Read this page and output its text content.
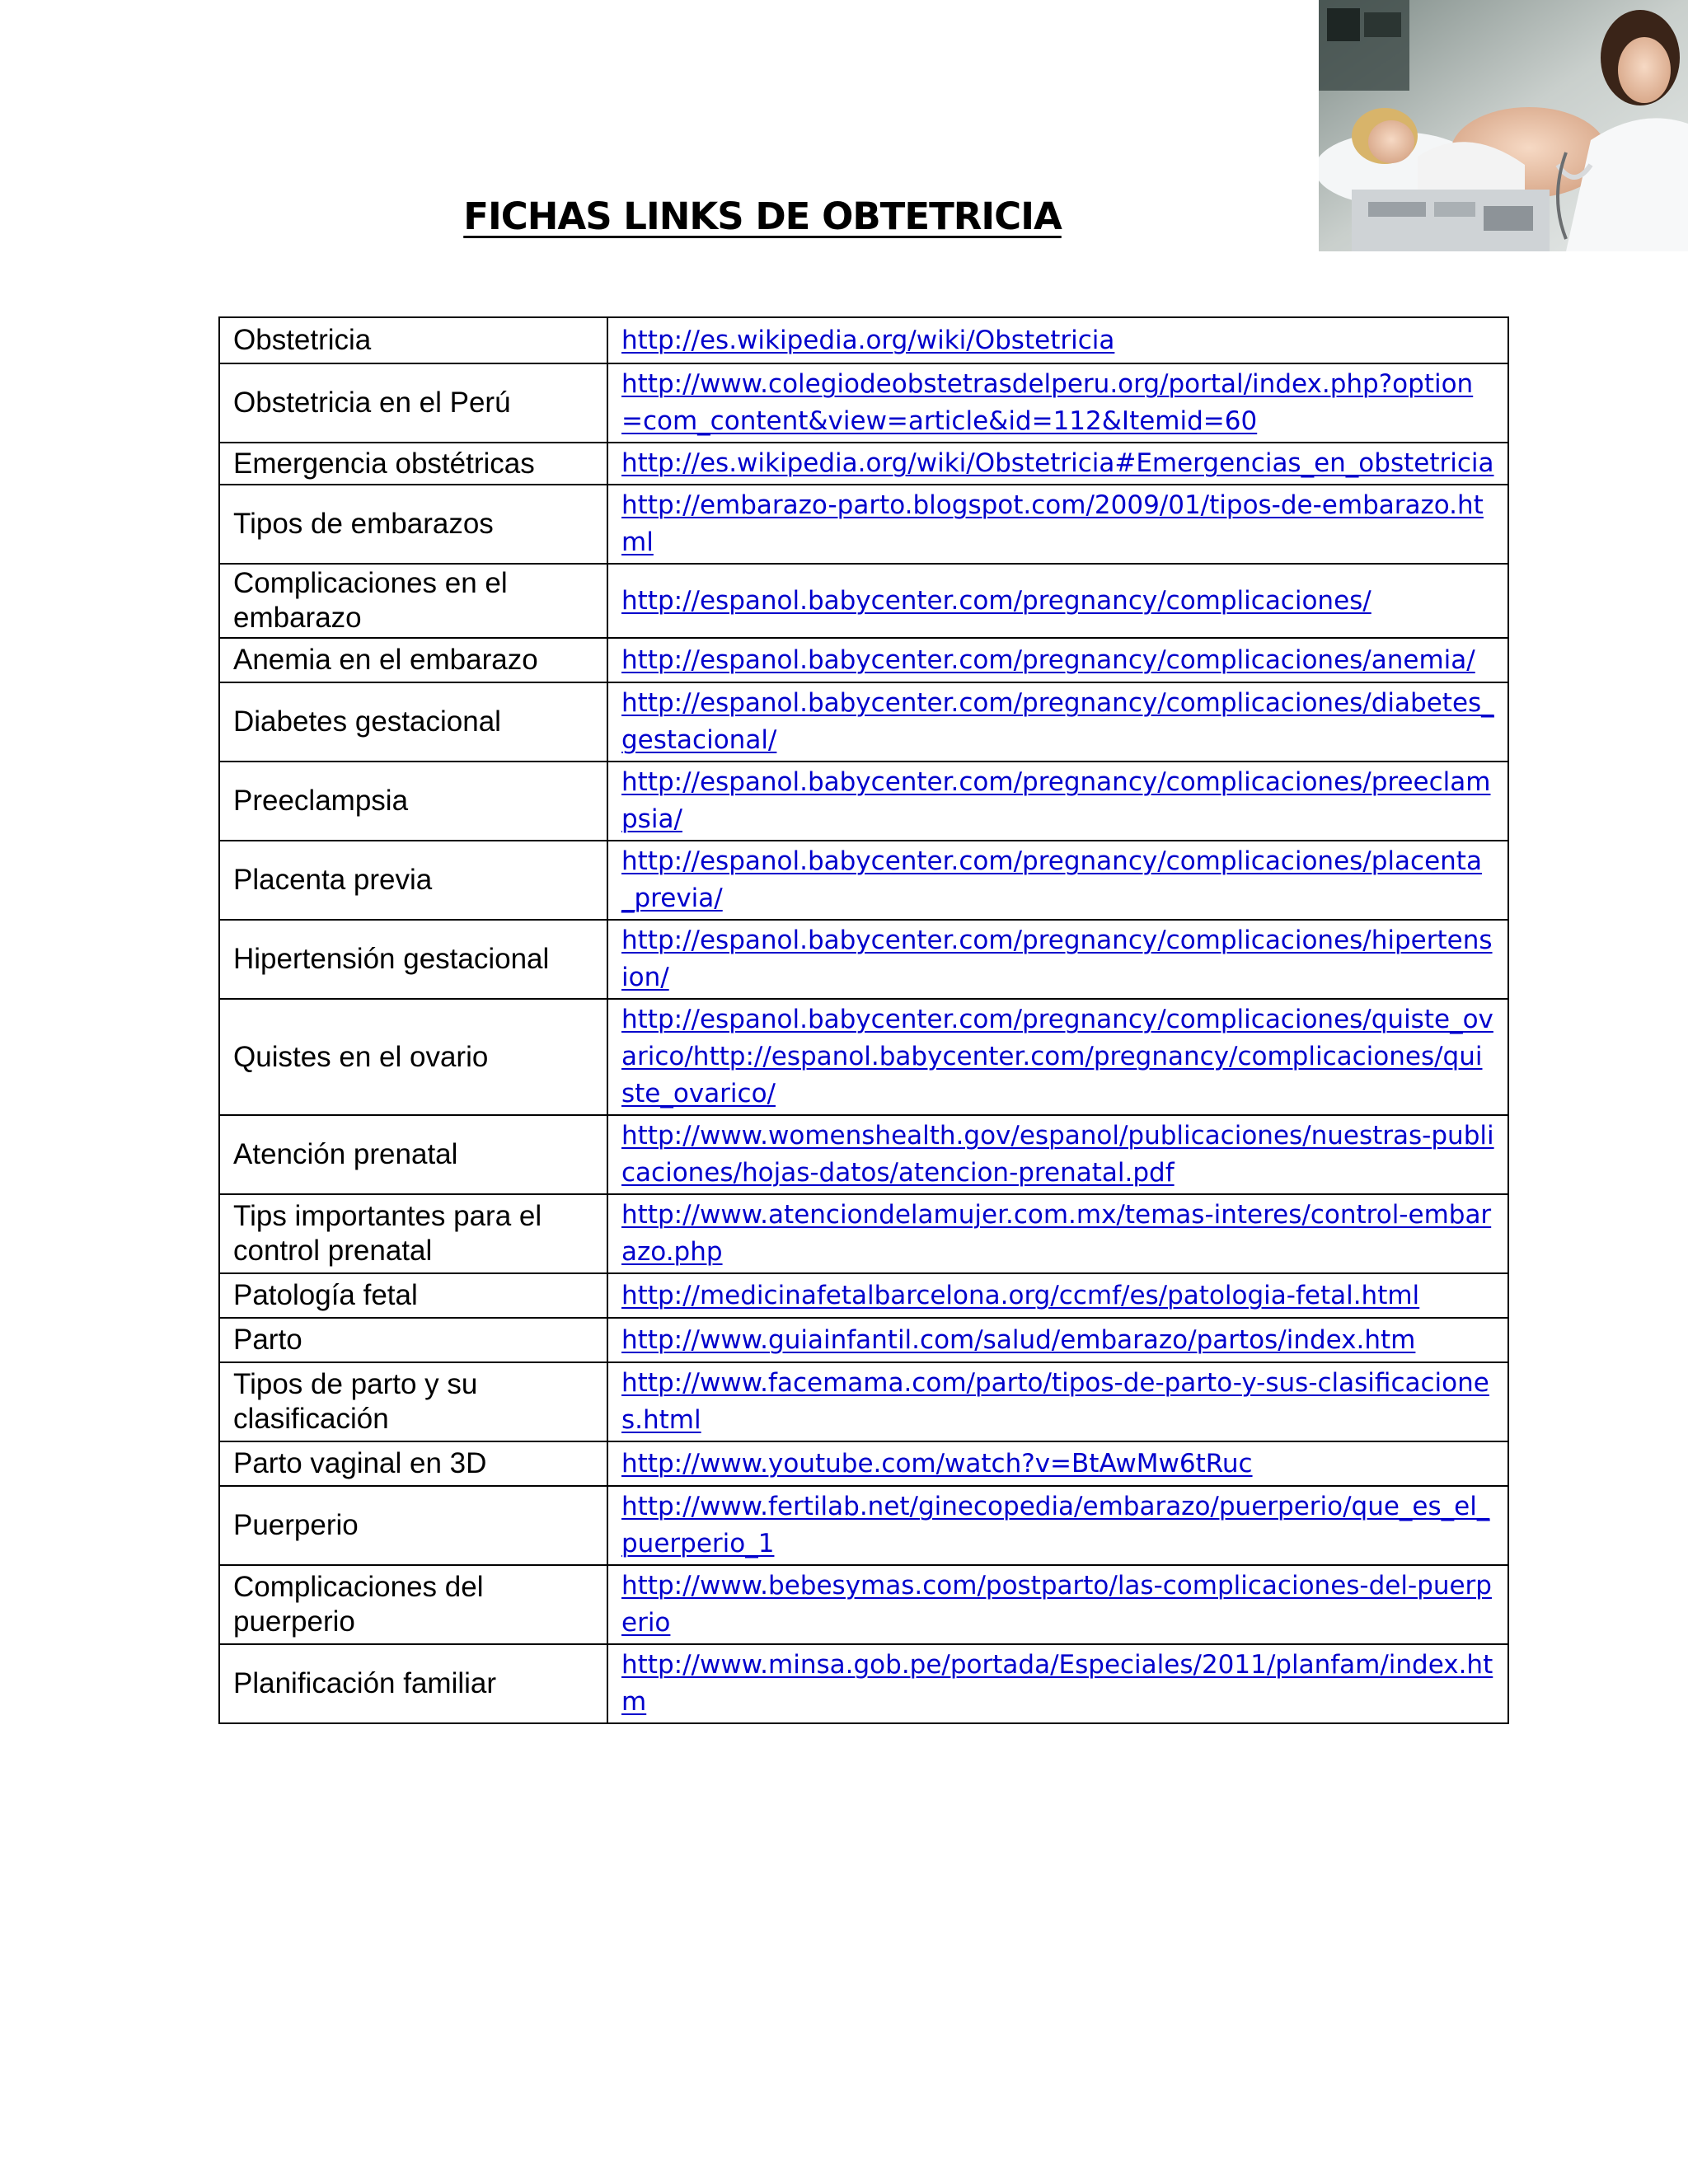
FICHAS LINKS DE OBTETRICIA
Obstetricia	http://es.wikipedia.org/wiki/Obstetricia
Obstetricia en el Perú	http://www.colegiodeobstetrasdelperu.org/portal/index.php?option=com_content&view=article&id=112&Itemid=60
Emergencia obstétricas	http://es.wikipedia.org/wiki/Obstetricia#Emergencias_en_obstetricia
Tipos de embarazos	http://embarazo-parto.blogspot.com/2009/01/tipos-de-embarazo.html
Complicaciones en el embarazo	http://espanol.babycenter.com/pregnancy/complicaciones/
Anemia en el embarazo	http://espanol.babycenter.com/pregnancy/complicaciones/anemia/
Diabetes gestacional	http://espanol.babycenter.com/pregnancy/complicaciones/diabetes_gestacional/
Preeclampsia	http://espanol.babycenter.com/pregnancy/complicaciones/preeclampsia/
Placenta previa	http://espanol.babycenter.com/pregnancy/complicaciones/placenta_previa/
Hipertensión gestacional	http://espanol.babycenter.com/pregnancy/complicaciones/hipertension/
Quistes en el ovario	http://espanol.babycenter.com/pregnancy/complicaciones/quiste_ovarico/http://espanol.babycenter.com/pregnancy/complicaciones/quiste_ovarico/
Atención prenatal	http://www.womenshealth.gov/espanol/publicaciones/nuestras-publicaciones/hojas-datos/atencion-prenatal.pdf
Tips importantes para el control prenatal	http://www.atenciondelamujer.com.mx/temas-interes/control-embarazo.php
Patología fetal	http://medicinafetalbarcelona.org/ccmf/es/patologia-fetal.html
Parto	http://www.guiainfantil.com/salud/embarazo/partos/index.htm
Tipos de parto y su clasificación	http://www.facemama.com/parto/tipos-de-parto-y-sus-clasificaciones.html
Parto vaginal en 3D	http://www.youtube.com/watch?v=BtAwMw6tRuc
Puerperio	http://www.fertilab.net/ginecopedia/embarazo/puerperio/que_es_el_puerperio_1
Complicaciones del puerperio	http://www.bebesymas.com/postparto/las-complicaciones-del-puerperio
Planificación familiar	http://www.minsa.gob.pe/portada/Especiales/2011/planfam/index.htm
